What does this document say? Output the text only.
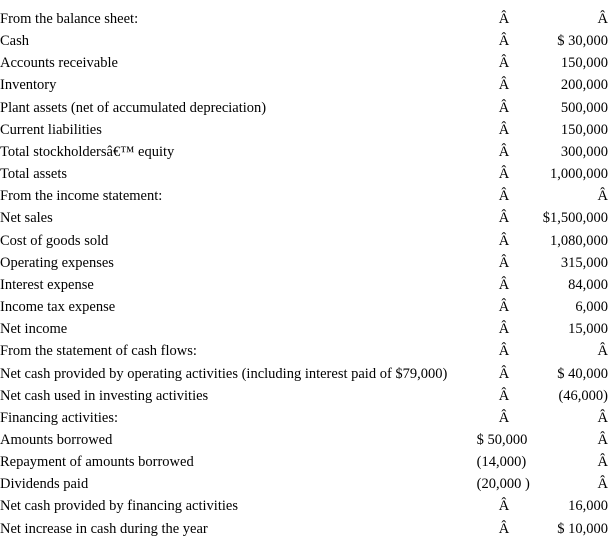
From the balance sheet:	Â	Â
Cash	Â	$ 30,000
Accounts receivable	Â	150,000
Inventory	Â	200,000
Plant assets (net of accumulated depreciation)	Â	500,000
Current liabilities	Â	150,000
Total stockholdersâ€™ equity	Â	300,000
Total assets	Â	1,000,000
From the income statement:	Â	Â
Net sales	Â	$1,500,000
Cost of goods sold	Â	1,080,000
Operating expenses	Â	315,000
Interest expense	Â	84,000
Income tax expense	Â	6,000
Net income	Â	15,000
From the statement of cash flows:	Â	Â
Net cash provided by operating activities (including interest paid of $79,000)	Â	$ 40,000
Net cash used in investing activities	Â	(46,000)
Financing activities:	Â	Â
Amounts borrowed	$ 50,000	Â
Repayment of amounts borrowed	(14,000)	Â
Dividends paid	(20,000 )	Â
Net cash provided by financing activities	Â	16,000
Net increase in cash during the year	Â	$ 10,000
